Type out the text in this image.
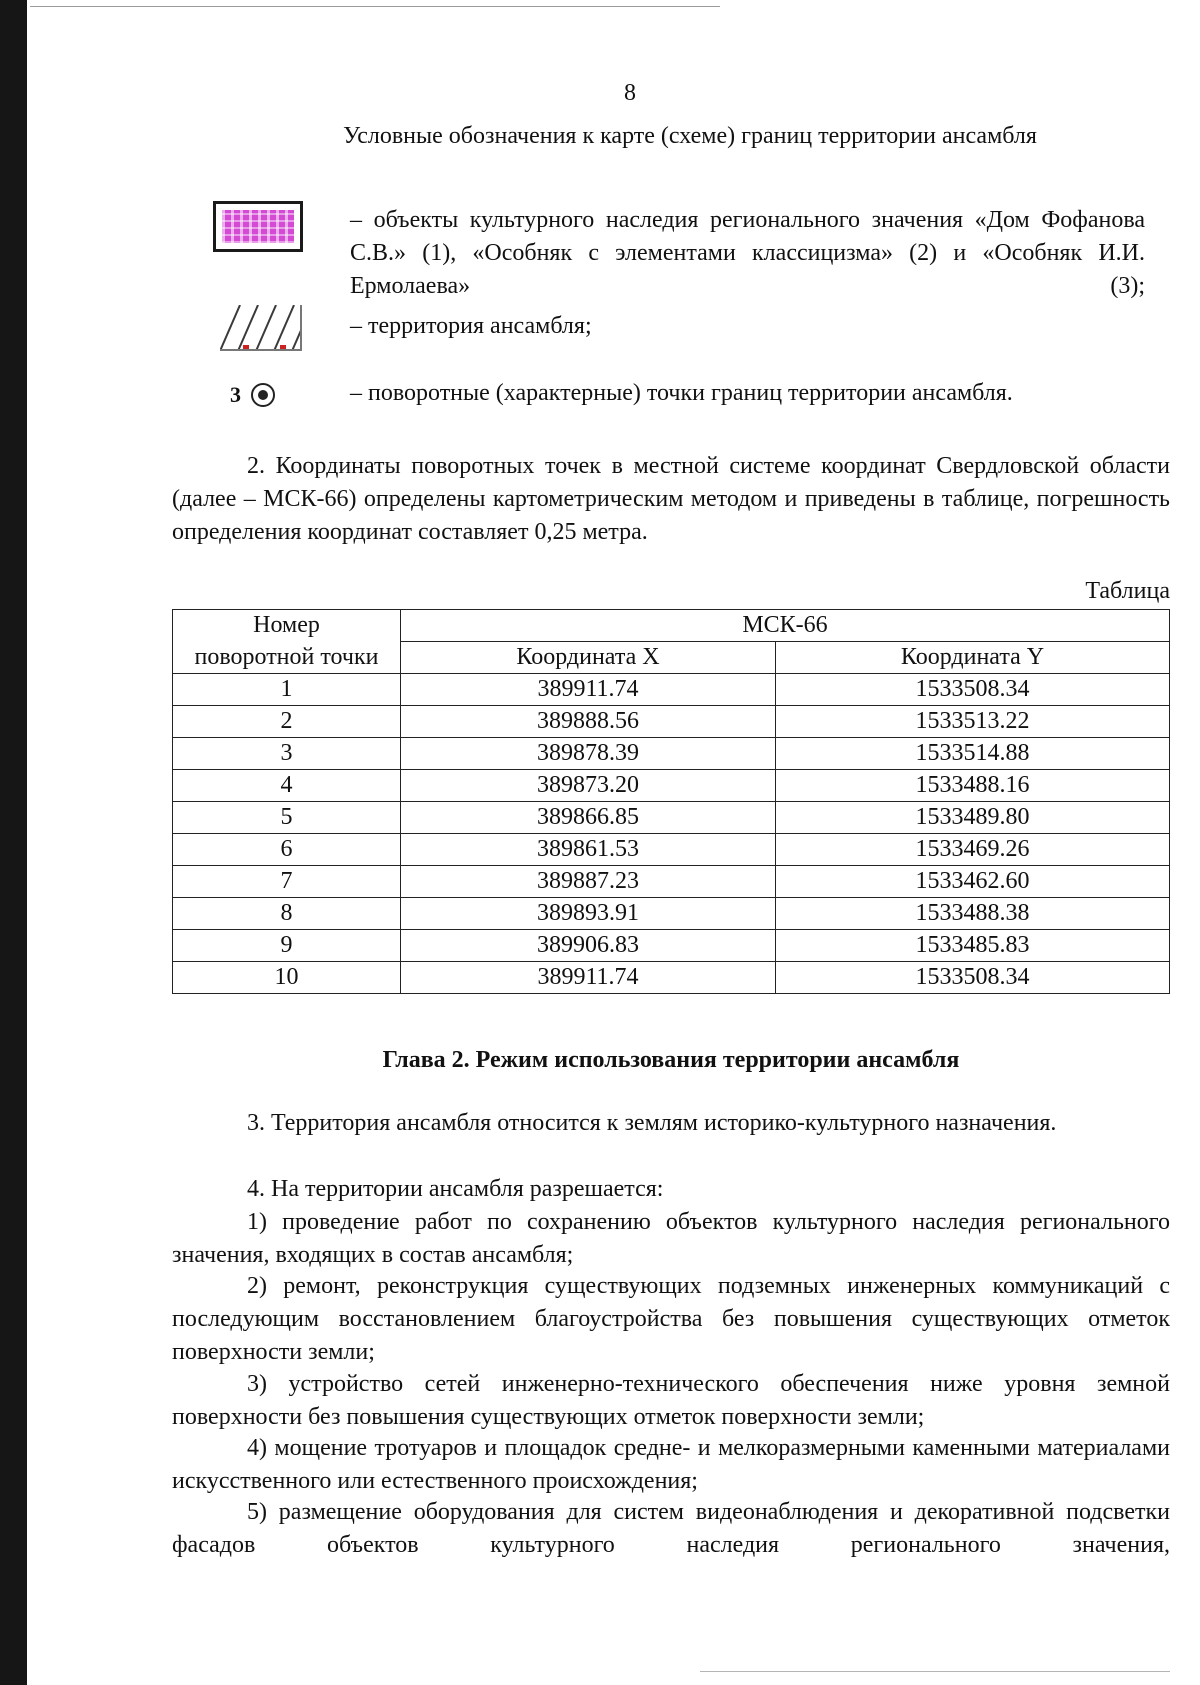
8
Условные обозначения к карте (схеме) границ территории ансамбля
– объекты культурного наследия регионального значения «Дом Фофанова С.В.» (1), «Особняк с элементами классицизма» (2) и «Особняк И.И. Ермолаева» (3);
– территория ансамбля;
3	– поворотные (характерные) точки границ территории ансамбля.

2. Координаты поворотных точек в местной системе координат Свердловской области (далее – МСК-66) определены картометрическим методом и приведены в таблице, погрешность определения координат составляет 0,25 метра.

Таблица
Номер	МСК-66	
поворотной точки	Координата X	Координата Y
1	389911.74	1533508.34
2	389888.56	1533513.22
3	389878.39	1533514.88
4	389873.20	1533488.16
5	389866.85	1533489.80
6	389861.53	1533469.26
7	389887.23	1533462.60
8	389893.91	1533488.38
9	389906.83	1533485.83
10	389911.74	1533508.34
Глава 2. Режим использования территории ансамбля

3. Территория ансамбля относится к землям историко-культурного назначения.

4. На территории ансамбля разрешается:

1) проведение работ по сохранению объектов культурного наследия регионального значения, входящих в состав ансамбля;

2) ремонт, реконструкция существующих подземных инженерных коммуникаций с последующим восстановлением благоустройства без повышения существующих отметок поверхности земли;

3) устройство сетей инженерно-технического обеспечения ниже уровня земной поверхности без повышения существующих отметок поверхности земли;

4) мощение тротуаров и площадок средне- и мелкоразмерными каменными материалами искусственного или естественного происхождения;

5) размещение оборудования для систем видеонаблюдения и декоративной подсветки фасадов объектов культурного наследия регионального значения,
